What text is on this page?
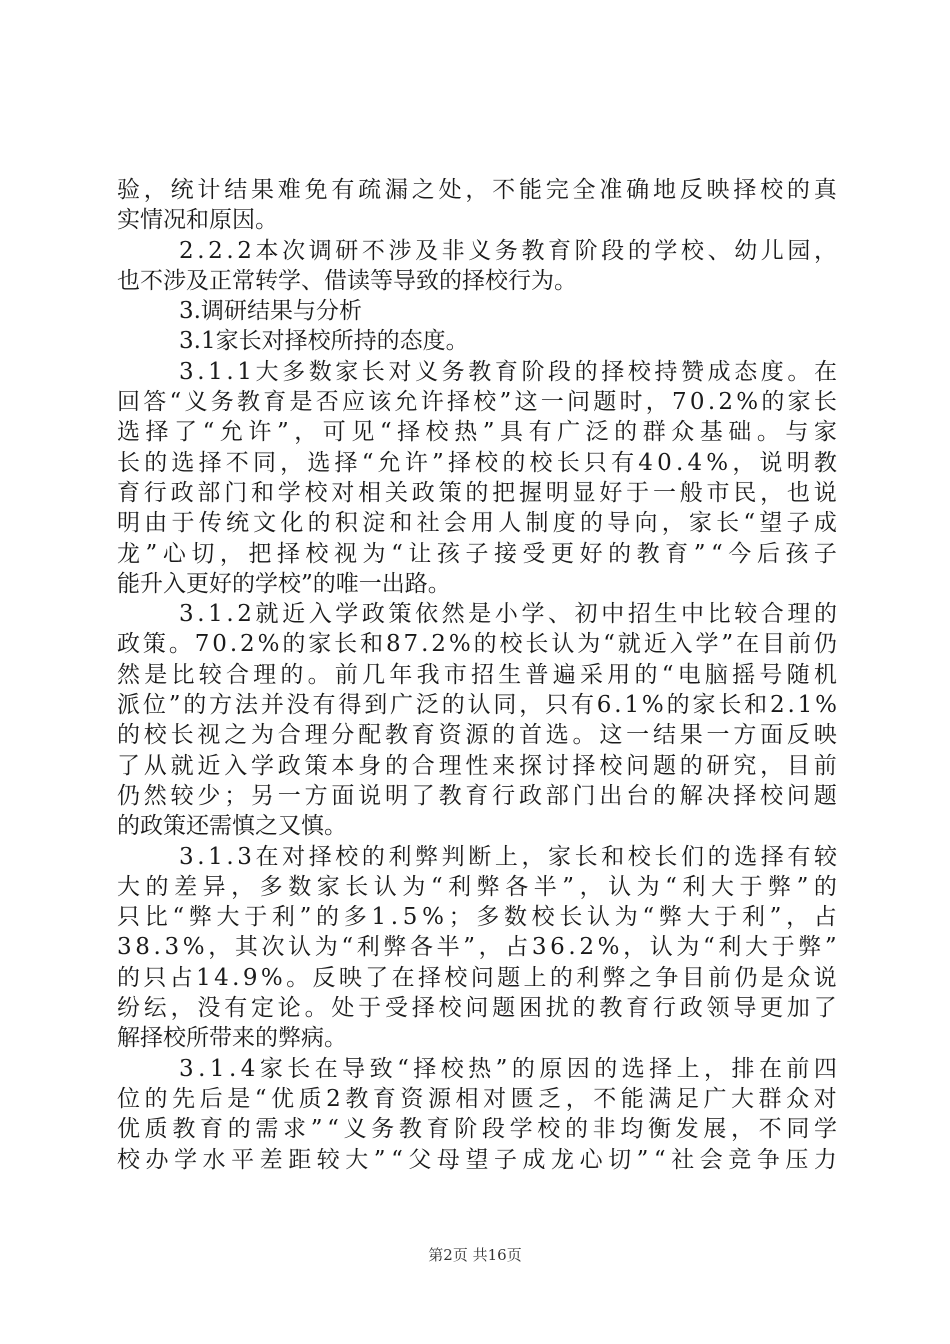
验 ， 统 计 结 果 难 免 有 疏 漏 之 处 ， 不 能 完 全 准 确 地 反 映 择 校 的 真
实情况和原因。
2 . 2 . 2 本 次 调 研 不 涉 及 非 义 务 教 育 阶 段 的 学 校 、 幼 儿 园 ，
也不涉及正常转学、借读等导致的择校行为。
3.调研结果与分析
3.1家长对择校所持的态度。
3 . 1 . 1 大 多 数 家 长 对 义 务 教 育 阶 段 的 择 校 持 赞 成 态 度 。 在
回 答 “ 义 务 教 育 是 否 应 该 允 许 择 校 ” 这 一 问 题 时 ， 7 0 . 2 % 的 家 长
选 择 了 “ 允 许 ” ， 可 见 “ 择 校 热 ” 具 有 广 泛 的 群 众 基 础 。 与 家
长 的 选 择 不 同 ， 选 择 “ 允 许 ” 择 校 的 校 长 只 有 4 0 . 4 % ， 说 明 教
育 行 政 部 门 和 学 校 对 相 关 政 策 的 把 握 明 显 好 于 一 般 市 民 ， 也 说
明 由 于 传 统 文 化 的 积 淀 和 社 会 用 人 制 度 的 导 向 ， 家 长 “ 望 子 成
龙 ” 心 切 ， 把 择 校 视 为 “ 让 孩 子 接 受 更 好 的 教 育 ” “ 今 后 孩 子
能升入更好的学校”的唯一出路。
3 . 1 . 2 就 近 入 学 政 策 依 然 是 小 学 、 初 中 招 生 中 比 较 合 理 的
政 策 。 7 0 . 2 % 的 家 长 和 8 7 . 2 % 的 校 长 认 为 “ 就 近 入 学 ” 在 目 前 仍
然 是 比 较 合 理 的 。 前 几 年 我 市 招 生 普 遍 采 用 的 “ 电 脑 摇 号 随 机
派 位 ” 的 方 法 并 没 有 得 到 广 泛 的 认 同 ， 只 有 6 . 1 % 的 家 长 和 2 . 1 %
的 校 长 视 之 为 合 理 分 配 教 育 资 源 的 首 选 。 这 一 结 果 一 方 面 反 映
了 从 就 近 入 学 政 策 本 身 的 合 理 性 来 探 讨 择 校 问 题 的 研 究 ， 目 前
仍 然 较 少 ； 另 一 方 面 说 明 了 教 育 行 政 部 门 出 台 的 解 决 择 校 问 题
的政策还需慎之又慎。
3 . 1 . 3 在 对 择 校 的 利 弊 判 断 上 ， 家 长 和 校 长 们 的 选 择 有 较
大 的 差 异 ， 多 数 家 长 认 为 “ 利 弊 各 半 ” ， 认 为 “ 利 大 于 弊 ” 的
只 比 “ 弊 大 于 利 ” 的 多 1 . 5 % ； 多 数 校 长 认 为 “ 弊 大 于 利 ” ， 占
3 8 . 3 % ， 其 次 认 为 “ 利 弊 各 半 ” ， 占 3 6 . 2 % ， 认 为 “ 利 大 于 弊 ”
的 只 占 1 4 . 9 % 。 反 映 了 在 择 校 问 题 上 的 利 弊 之 争 目 前 仍 是 众 说
纷 纭 ， 没 有 定 论 。 处 于 受 择 校 问 题 困 扰 的 教 育 行 政 领 导 更 加 了
解择校所带来的弊病。
3 . 1 . 4 家 长 在 导 致 “ 择 校 热 ” 的 原 因 的 选 择 上 ， 排 在 前 四
位 的 先 后 是 “ 优 质 2 教 育 资 源 相 对 匮 乏 ， 不 能 满 足 广 大 群 众 对
优 质 教 育 的 需 求 ” “ 义 务 教 育 阶 段 学 校 的 非 均 衡 发 展 ， 不 同 学
校 办 学 水 平 差 距 较 大 ” “ 父 母 望 子 成 龙 心 切 ” “ 社 会 竞 争 压 力
第2页 共16页
